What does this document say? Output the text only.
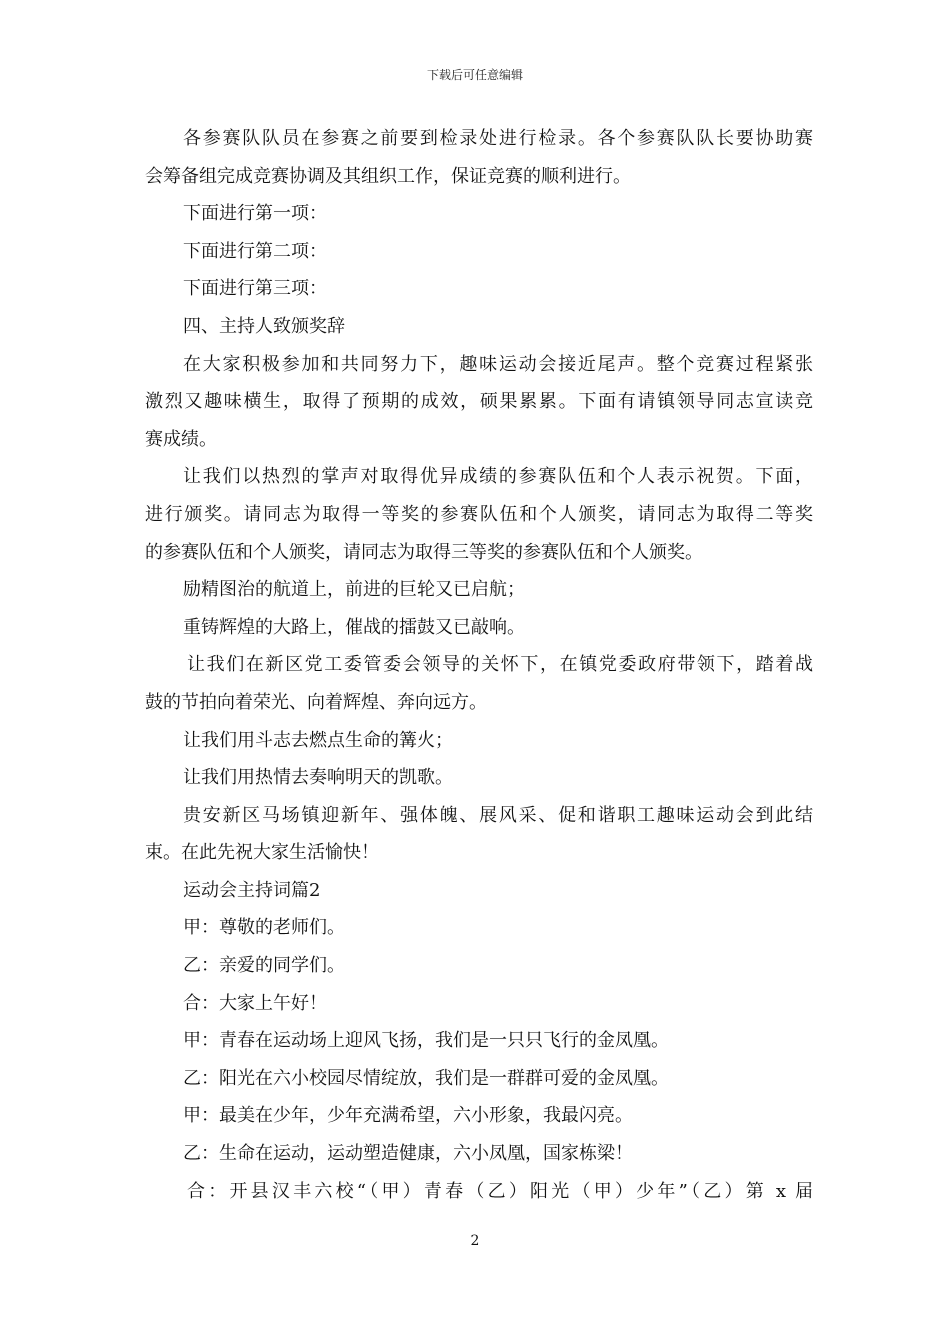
下载后可任意编辑
各参赛队队员在参赛之前要到检录处进行检录。各个参赛队队长要协助赛
会筹备组完成竞赛协调及其组织工作，保证竞赛的顺利进行。
下面进行第一项：
下面进行第二项：
下面进行第三项：
四、主持人致颁奖辞
在大家积极参加和共同努力下，趣味运动会接近尾声。整个竞赛过程紧张
激烈又趣味横生，取得了预期的成效，硕果累累。下面有请镇领导同志宣读竞
赛成绩。
让我们以热烈的掌声对取得优异成绩的参赛队伍和个人表示祝贺。下面，
进行颁奖。请同志为取得一等奖的参赛队伍和个人颁奖，请同志为取得二等奖
的参赛队伍和个人颁奖，请同志为取得三等奖的参赛队伍和个人颁奖。
励精图治的航道上，前进的巨轮又已启航；
重铸辉煌的大路上，催战的擂鼓又已敲响。
让我们在新区党工委管委会领导的关怀下，在镇党委政府带领下，踏着战
鼓的节拍向着荣光、向着辉煌、奔向远方。
让我们用斗志去燃点生命的篝火；
让我们用热情去奏响明天的凯歌。
贵安新区马场镇迎新年、强体魄、展风采、促和谐职工趣味运动会到此结
束。在此先祝大家生活愉快！
运动会主持词篇2
甲：尊敬的老师们。
乙：亲爱的同学们。
合：大家上午好！
甲：青春在运动场上迎风飞扬，我们是一只只飞行的金凤凰。
乙：阳光在六小校园尽情绽放，我们是一群群可爱的金凤凰。
甲：最美在少年，少年充满希望，六小形象，我最闪亮。
乙：生命在运动，运动塑造健康，六小凤凰，国家栋梁！
合：开县汉丰六校“（甲）青春（乙）阳光（甲）少年”（乙）第 x 届
2
